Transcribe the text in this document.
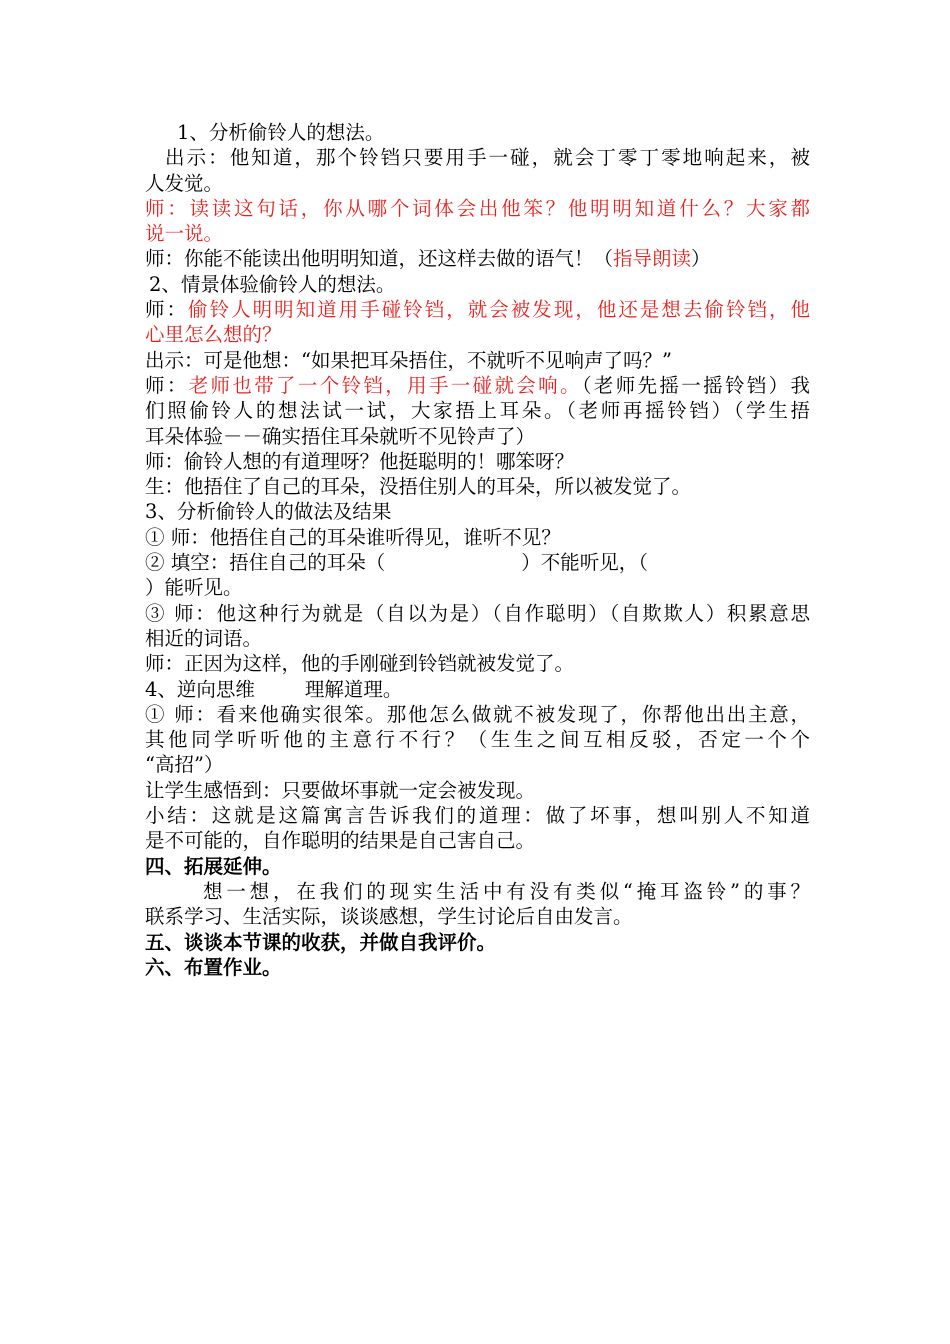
1、分析偷铃人的想法。
出示：他知道，那个铃铛只要用手一碰，就会丁零丁零地响起来，被
人发觉。
师：读读这句话，你从哪个词体会出他笨？他明明知道什么？大家都
说一说。
师：你能不能读出他明明知道，还这样去做的语气！（指导朗读）
2、情景体验偷铃人的想法。
师：偷铃人明明知道用手碰铃铛，就会被发现，他还是想去偷铃铛，他
心里怎么想的？
出示：可是他想：“如果把耳朵捂住，不就听不见响声了吗？”
师：老师也带了一个铃铛，用手一碰就会响。（老师先摇一摇铃铛）我
们照偷铃人的想法试一试，大家捂上耳朵。（老师再摇铃铛）（学生捂
耳朵体验－－确实捂住耳朵就听不见铃声了）
师：偷铃人想的有道理呀？他挺聪明的！哪笨呀？
生：他捂住了自己的耳朵，没捂住别人的耳朵，所以被发觉了。
3、分析偷铃人的做法及结果
① 师：他捂住自己的耳朵谁听得见，谁听不见？
② 填空：捂住自己的耳朵（	）不能听见，（
）能听见。
③ 师：他这种行为就是（自以为是）（自作聪明）（自欺欺人）积累意思
相近的词语。
师：正因为这样，他的手刚碰到铃铛就被发觉了。
4、逆向思维	理解道理。
① 师：看来他确实很笨。那他怎么做就不被发现了，你帮他出出主意，
其他同学听听他的主意行不行？（生生之间互相反驳，否定一个个
“高招”）
让学生感悟到：只要做坏事就一定会被发现。
小结：这就是这篇寓言告诉我们的道理：做了坏事，想叫别人不知道
是不可能的，自作聪明的结果是自己害自己。
四、拓展延伸。
想一想，在我们的现实生活中有没有类似“掩耳盗铃”的事？
联系学习、生活实际，谈谈感想，学生讨论后自由发言。
五、谈谈本节课的收获，并做自我评价。
六、布置作业。
